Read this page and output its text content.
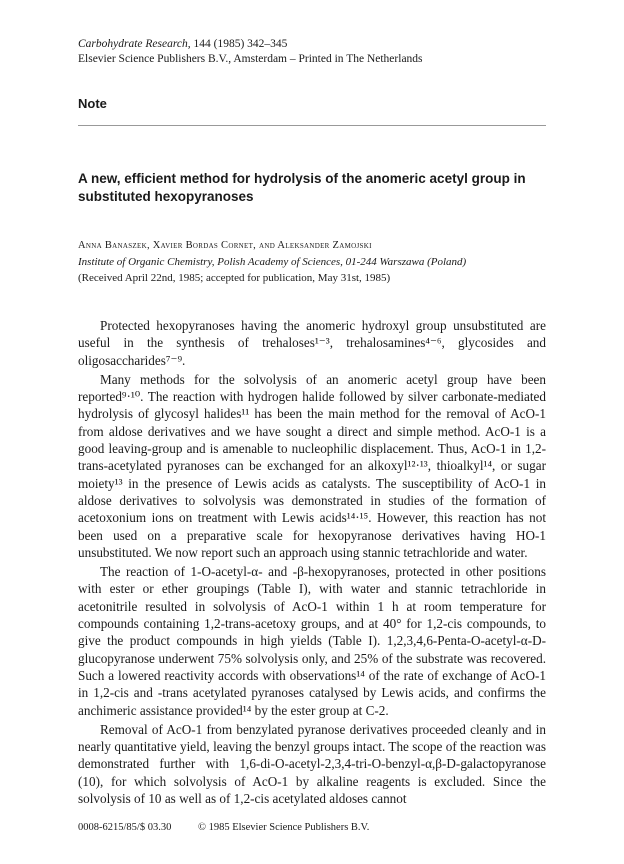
Carbohydrate Research, 144 (1985) 342–345
Elsevier Science Publishers B.V., Amsterdam – Printed in The Netherlands
Note
A new, efficient method for hydrolysis of the anomeric acetyl group in substituted hexopyranoses
Anna Banaszek, Xavier Bordas Cornet, and Aleksander Zamojski
Institute of Organic Chemistry, Polish Academy of Sciences, 01-244 Warszawa (Poland)
(Received April 22nd, 1985; accepted for publication, May 31st, 1985)

Protected hexopyranoses having the anomeric hydroxyl group unsubstituted are useful in the synthesis of trehaloses¹⁻³, trehalosamines⁴⁻⁶, glycosides and oligosaccharides⁷⁻⁹.

Many methods for the solvolysis of an anomeric acetyl group have been reported⁹·¹⁰. The reaction with hydrogen halide followed by silver carbonate-mediated hydrolysis of glycosyl halides¹¹ has been the main method for the removal of AcO-1 from aldose derivatives and we have sought a direct and simple method. AcO-1 is a good leaving-group and is amenable to nucleophilic displacement. Thus, AcO-1 in 1,2-trans-acetylated pyranoses can be exchanged for an alkoxyl¹²·¹³, thioalkyl¹⁴, or sugar moiety¹³ in the presence of Lewis acids as catalysts. The susceptibility of AcO-1 in aldose derivatives to solvolysis was demonstrated in studies of the formation of acetoxonium ions on treatment with Lewis acids¹⁴·¹⁵. However, this reaction has not been used on a preparative scale for hexopyranose derivatives having HO-1 unsubstituted. We now report such an approach using stannic tetrachloride and water.

The reaction of 1-O-acetyl-α- and -β-hexopyranoses, protected in other positions with ester or ether groupings (Table I), with water and stannic tetrachloride in acetonitrile resulted in solvolysis of AcO-1 within 1 h at room temperature for compounds containing 1,2-trans-acetoxy groups, and at 40° for 1,2-cis compounds, to give the product compounds in high yields (Table I). 1,2,3,4,6-Penta-O-acetyl-α-D-glucopyranose underwent 75% solvolysis only, and 25% of the substrate was recovered. Such a lowered reactivity accords with observations¹⁴ of the rate of exchange of AcO-1 in 1,2-cis and -trans acetylated pyranoses catalysed by Lewis acids, and confirms the anchimeric assistance provided¹⁴ by the ester group at C-2.

Removal of AcO-1 from benzylated pyranose derivatives proceeded cleanly and in nearly quantitative yield, leaving the benzyl groups intact. The scope of the reaction was demonstrated further with 1,6-di-O-acetyl-2,3,4-tri-O-benzyl-α,β-D-galactopyranose (10), for which solvolysis of AcO-1 by alkaline reagents is excluded. Since the solvolysis of 10 as well as of 1,2-cis acetylated aldoses cannot

0008-6215/85/$ 03.30	© 1985 Elsevier Science Publishers B.V.
